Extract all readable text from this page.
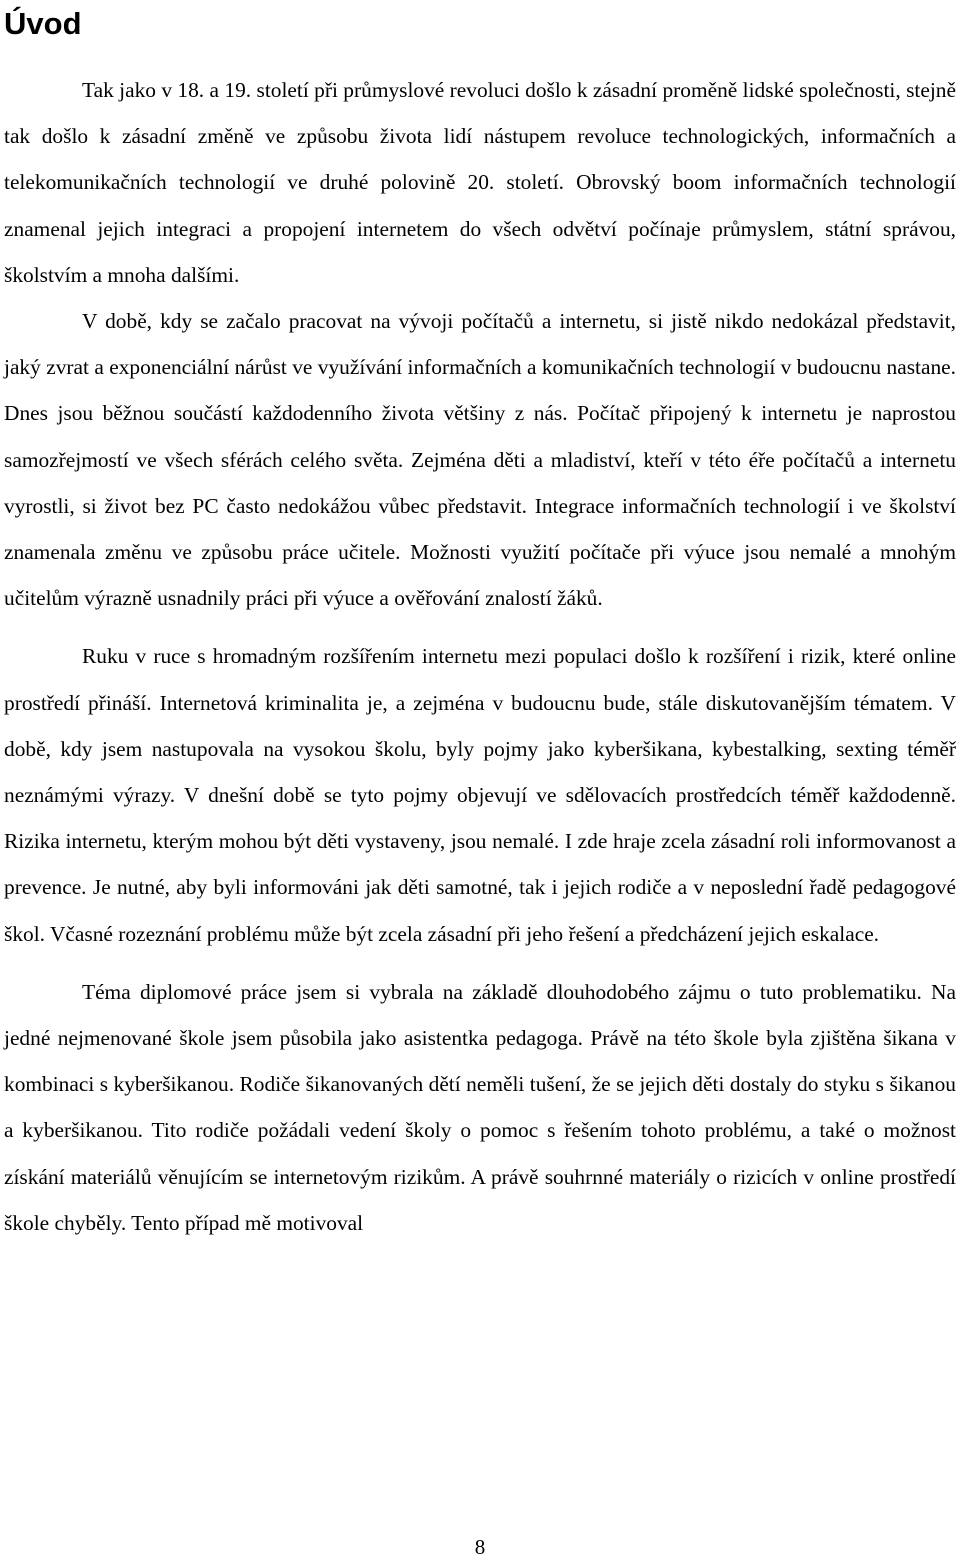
Úvod

Tak jako v 18. a 19. století při průmyslové revoluci došlo k zásadní proměně lidské společnosti, stejně tak došlo k zásadní změně ve způsobu života lidí nástupem revoluce technologických, informačních a telekomunikačních technologií ve druhé polovině 20. století. Obrovský boom informačních technologií znamenal jejich integraci a propojení internetem do všech odvětví počínaje průmyslem, státní správou, školstvím a mnoha dalšími.

V době, kdy se začalo pracovat na vývoji počítačů a internetu, si jistě nikdo nedokázal představit, jaký zvrat a exponenciální nárůst ve využívání informačních a komunikačních technologií v budoucnu nastane. Dnes jsou běžnou součástí každodenního života většiny z nás. Počítač připojený k internetu je naprostou samozřejmostí ve všech sférách celého světa. Zejména děti a mladiství, kteří v této éře počítačů a internetu vyrostli, si život bez PC často nedokážou vůbec představit. Integrace informačních technologií i ve školství znamenala změnu ve způsobu práce učitele. Možnosti využití počítače při výuce jsou nemalé a mnohým učitelům výrazně usnadnily práci při výuce a ověřování znalostí žáků.

Ruku v ruce s hromadným rozšířením internetu mezi populaci došlo k rozšíření i rizik, které online prostředí přináší. Internetová kriminalita je, a zejména v budoucnu bude, stále diskutovanějším tématem. V době, kdy jsem nastupovala na vysokou školu, byly pojmy jako kyberšikana, kybestalking, sexting téměř neznámými výrazy. V dnešní době se tyto pojmy objevují ve sdělovacích prostředcích téměř každodenně. Rizika internetu, kterým mohou být děti vystaveny, jsou nemalé. I zde hraje zcela zásadní roli informovanost a prevence. Je nutné, aby byli informováni jak děti samotné, tak i jejich rodiče a v neposlední řadě pedagogové škol. Včasné rozeznání problému může být zcela zásadní při jeho řešení a předcházení jejich eskalace.

Téma diplomové práce jsem si vybrala na základě dlouhodobého zájmu o tuto problematiku. Na jedné nejmenované škole jsem působila jako asistentka pedagoga. Právě na této škole byla zjištěna šikana v kombinaci s kyberšikanou. Rodiče šikanovaných dětí neměli tušení, že se jejich děti dostaly do styku s šikanou a kyberšikanou. Tito rodiče požádali vedení školy o pomoc s řešením tohoto problému, a také o možnost získání materiálů věnujícím se internetovým rizikům. A právě souhrnné materiály o rizicích v online prostředí škole chyběly. Tento případ mě motivoval

8
